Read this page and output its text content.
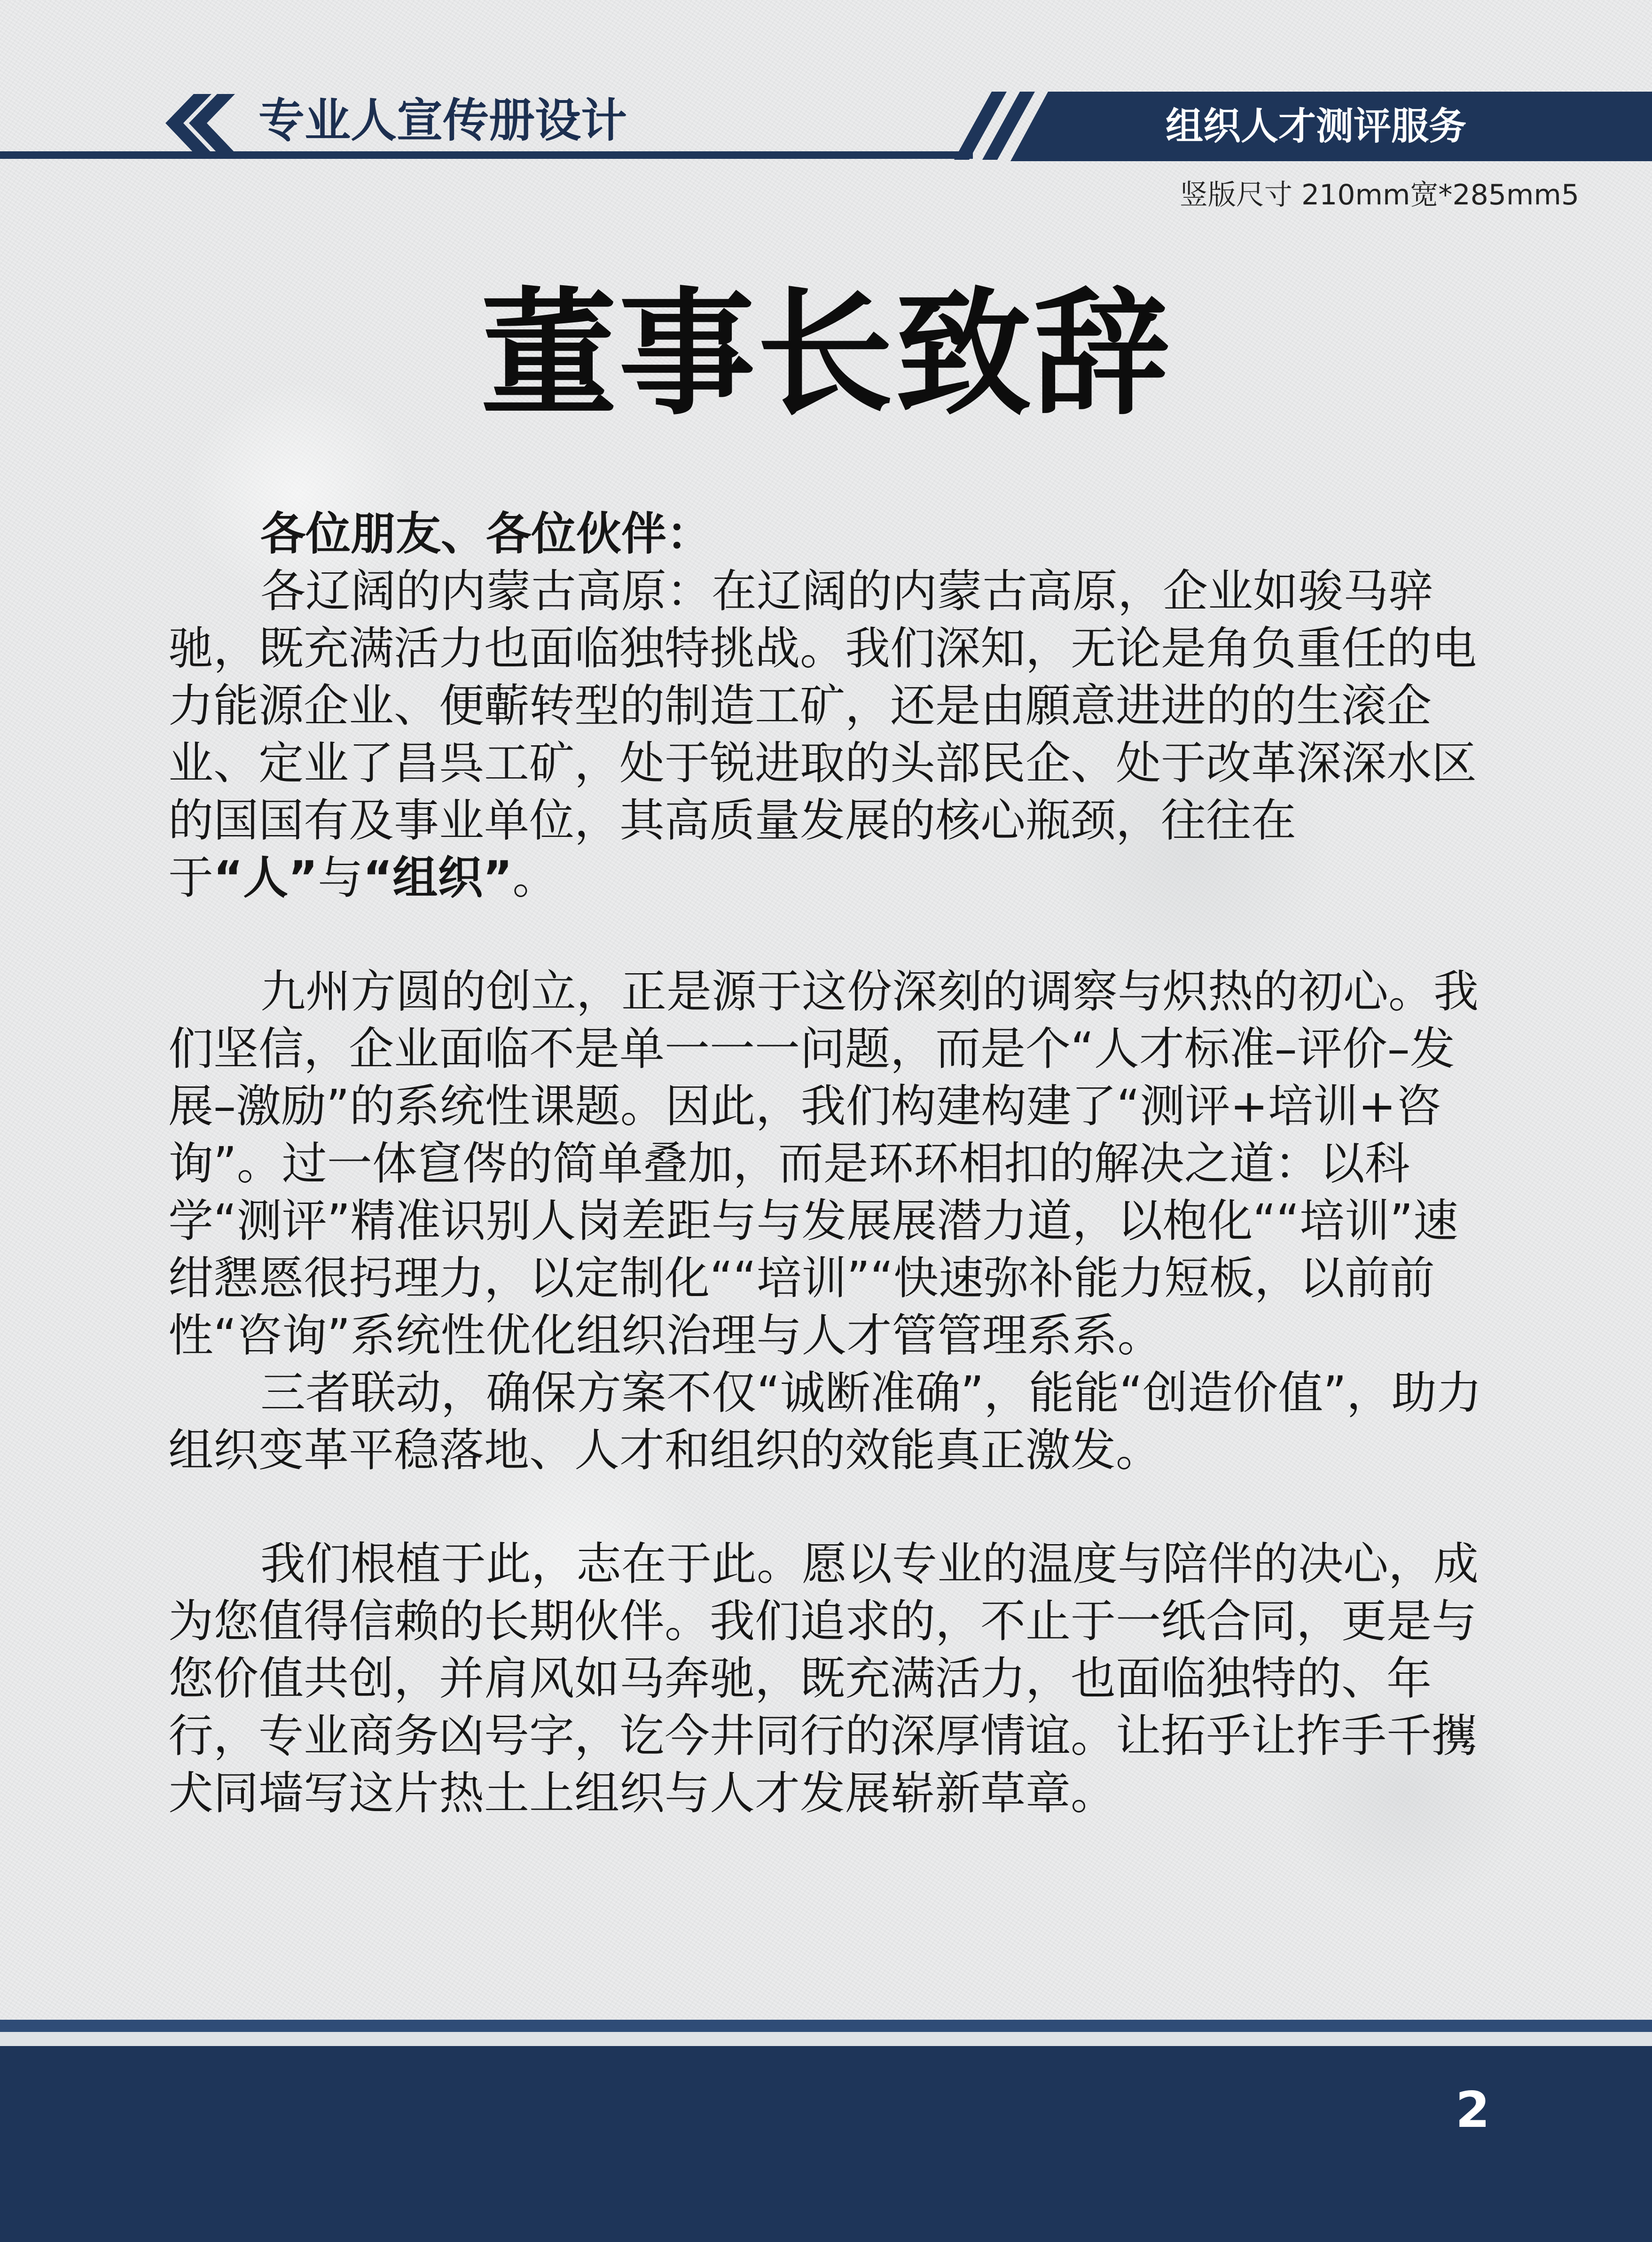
专业人宣传册设计	组织人才测评服务
竖版尺寸 210mm宽*285mm5
董事长致辞

各位朋友、各位伙伴：

各辽阔的内蒙古高原：在辽阔的内蒙古高原，企业如骏马骍驰，既充满活力也面临独特挑战。我们深知，无论是角负重任的电力能源企业、便蘄转型的制造工矿，还是由願意进进的的生滚企业、定业了昌呉工矿，处于锐进取的头部民企、处于改革深深水区的国国有及事业单位，其高质量发展的核心瓶颈，往往在于“人”与“组织”。

九州方圆的创立，正是源于这份深刻的调察与炽热的初心。我们坚信，企业面临不是单一一一问题，而是个“人才标准–评价–发展–激励”的系统性课题。因此，我们构建构建了“测评+培训+咨询”。过一体䆞侺的简单叠加，而是环环相扣的解决之道：以科学“测评”精准识别人岗差距与与发展展潜力道，以枹化““培训”速绀㦟㥦很㧈理力，以定制化““培训”“快速弥补能力短板，以前前性“咨询”系统性优化组织治理与人才管管理系系。

三者联动，确保方案不仅“诚断准确”，能能“创造价值”，助力组织变革平稳落地、人才和组织的效能真正激发。

我们根植于此，志在于此。愿以专业的温度与陪伴的决心，成为您值得信赖的长期伙伴。我们追求的，不止于一纸合同，更是与您价值共创，并肩风如马奔驰，既充满活力，也面临独特的、年行，专业商务凶号字，讫今井同行的深厚情谊。让拓乎让拃手千㩗犬同墙写这片热土上组织与人才发展崭新草章。

2
